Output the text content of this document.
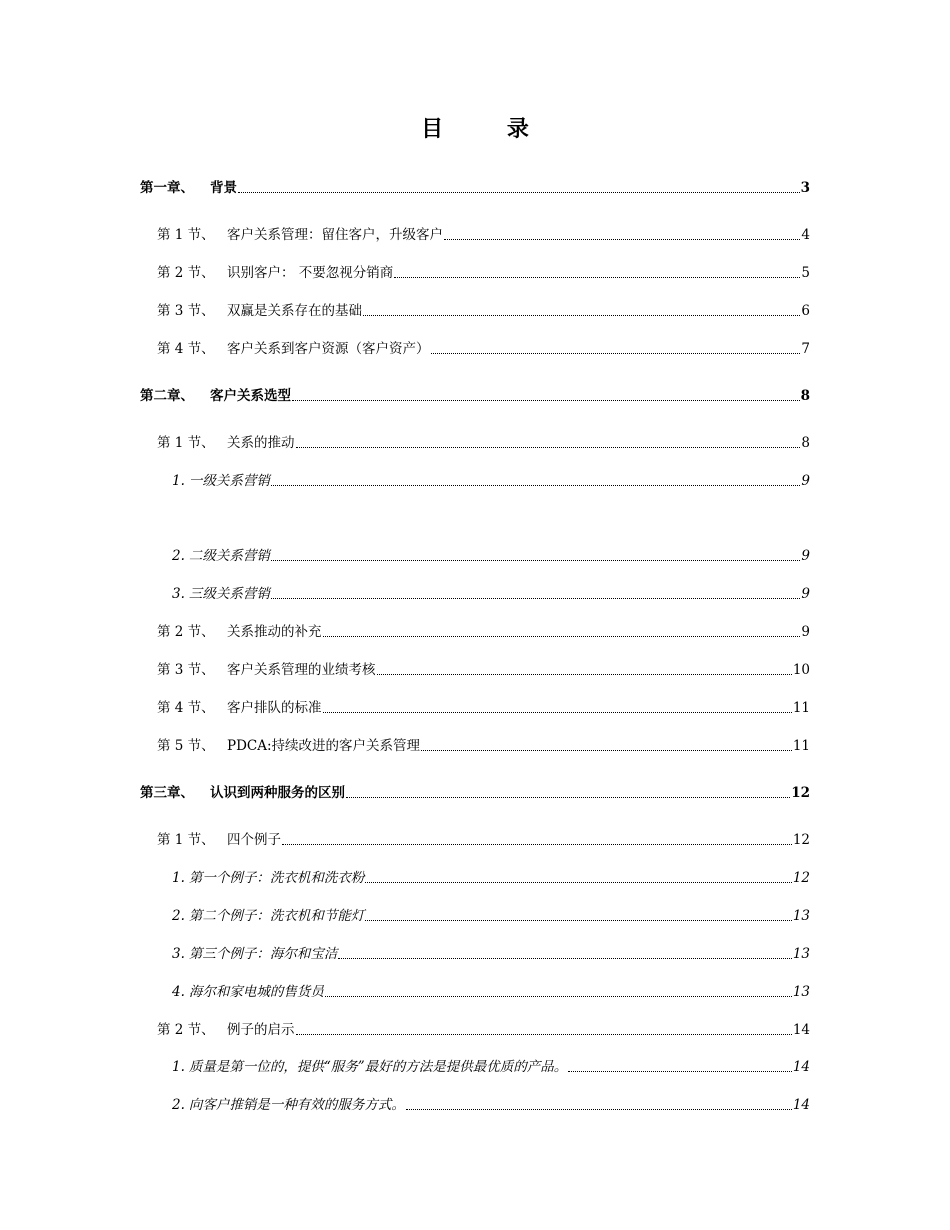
目 录
第一章、	背景	3
第 1 节、 客户关系管理：留住客户，升级客户	4
第 2 节、 识别客户： 不要忽视分销商	5
第 3 节、 双赢是关系存在的基础	6
第 4 节、 客户关系到客户资源（客户资产）	7
第二章、	客户关系选型	8
第 1 节、 关系的推动	8
1. 一级关系营销	9
2. 二级关系营销	9
3. 三级关系营销	9
第 2 节、 关系推动的补充	9
第 3 节、 客户关系管理的业绩考核	10
第 4 节、 客户排队的标准	11
第 5 节、 PDCA:持续改进的客户关系管理	11
第三章、	认识到两种服务的区别	12
第 1 节、 四个例子	12
1. 第一个例子：洗衣机和洗衣粉	12
2. 第二个例子：洗衣机和节能灯	13
3. 第三个例子：海尔和宝洁	13
4. 海尔和家电城的售货员	13
第 2 节、 例子的启示	14
1. 质量是第一位的，提供“服务”最好的方法是提供最优质的产品。	14
2. 向客户推销是一种有效的服务方式。	14
